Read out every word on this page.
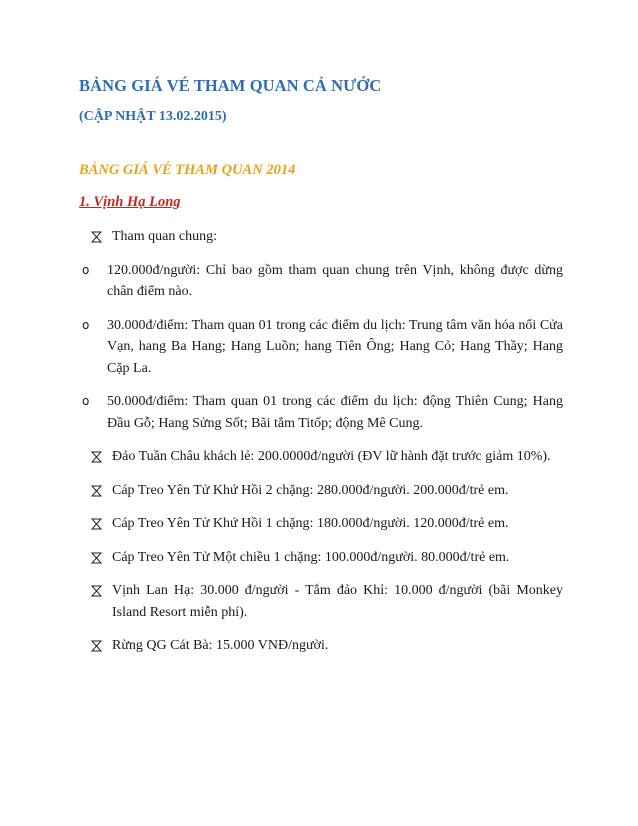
BẢNG GIÁ VÉ THAM QUAN CẢ NƯỚC

(CẬP NHẬT 13.02.2015)

BẢNG GIÁ VÉ THAM QUAN 2014
1. Vịnh Hạ Long
Tham quan chung:
o 120.000đ/người: Chỉ bao gồm tham quan chung trên Vịnh, không được dừng chân điểm nào.
o 30.000đ/điểm: Tham quan 01 trong các điểm du lịch: Trung tâm văn hóa nổi Cửa Vạn, hang Ba Hang; Hang Luồn; hang Tiên Ông; Hang Cỏ; Hang Thầy; Hang Cặp La.
o 50.000đ/điểm: Tham quan 01 trong các điểm du lịch: động Thiên Cung; Hang Đầu Gỗ; Hang Sửng Sốt; Bãi tắm Titốp; động Mê Cung.
Đảo Tuần Châu khách lẻ: 200.0000đ/người (ĐV lữ hành đặt trước giảm 10%).
Cáp Treo Yên Tử Khứ Hồi 2 chặng: 280.000đ/người. 200.000đ/trẻ em.
Cáp Treo Yên Tử Khứ Hồi 1 chặng: 180.000đ/người. 120.000đ/trẻ em.
Cáp Treo Yên Tử Một chiều 1 chặng: 100.000đ/người. 80.000đ/trẻ em.
Vịnh Lan Hạ: 30.000 đ/người - Tắm đảo Khỉ: 10.000 đ/người (bãi Monkey Island Resort miễn phí).
Rừng QG Cát Bà: 15.000 VNĐ/người.
